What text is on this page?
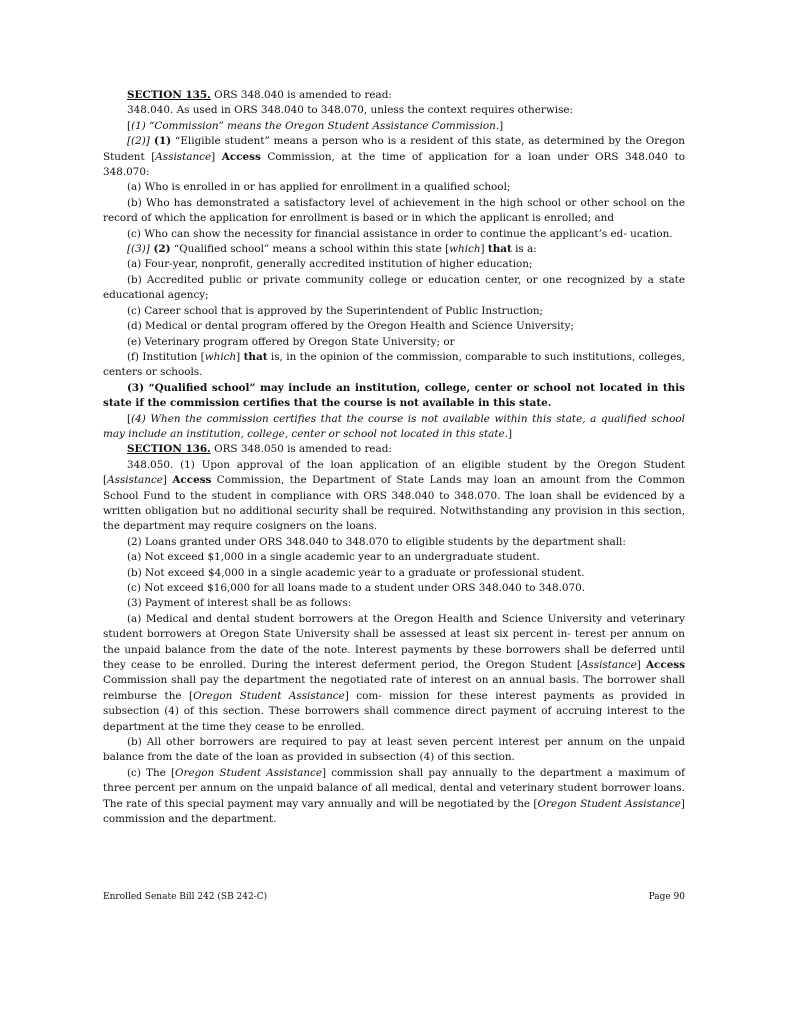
SECTION 135. ORS 348.040 is amended to read:

348.040. As used in ORS 348.040 to 348.070, unless the context requires otherwise:

[(1) “Commission” means the Oregon Student Assistance Commission.]

[(2)] (1) “Eligible student” means a person who is a resident of this state, as determined by the Oregon Student [Assistance] Access Commission, at the time of application for a loan under ORS 348.040 to 348.070:

(a) Who is enrolled in or has applied for enrollment in a qualified school;

(b) Who has demonstrated a satisfactory level of achievement in the high school or other school on the record of which the application for enrollment is based or in which the applicant is enrolled; and

(c) Who can show the necessity for financial assistance in order to continue the applicant’s ed- ucation.

[(3)] (2) “Qualified school” means a school within this state [which] that is a:

(a) Four-year, nonprofit, generally accredited institution of higher education;

(b) Accredited public or private community college or education center, or one recognized by a state educational agency;

(c) Career school that is approved by the Superintendent of Public Instruction;

(d) Medical or dental program offered by the Oregon Health and Science University;

(e) Veterinary program offered by Oregon State University; or

(f) Institution [which] that is, in the opinion of the commission, comparable to such institutions, colleges, centers or schools.

(3) “Qualified school” may include an institution, college, center or school not located in this state if the commission certifies that the course is not available in this state.

[(4) When the commission certifies that the course is not available within this state, a qualified school may include an institution, college, center or school not located in this state.]

SECTION 136. ORS 348.050 is amended to read:

348.050. (1) Upon approval of the loan application of an eligible student by the Oregon Student [Assistance] Access Commission, the Department of State Lands may loan an amount from the Common School Fund to the student in compliance with ORS 348.040 to 348.070. The loan shall be evidenced by a written obligation but no additional security shall be required. Notwithstanding any provision in this section, the department may require cosigners on the loans.

(2) Loans granted under ORS 348.040 to 348.070 to eligible students by the department shall:

(a) Not exceed $1,000 in a single academic year to an undergraduate student.

(b) Not exceed $4,000 in a single academic year to a graduate or professional student.

(c) Not exceed $16,000 for all loans made to a student under ORS 348.040 to 348.070.

(3) Payment of interest shall be as follows:

(a) Medical and dental student borrowers at the Oregon Health and Science University and veterinary student borrowers at Oregon State University shall be assessed at least six percent in- terest per annum on the unpaid balance from the date of the note. Interest payments by these borrowers shall be deferred until they cease to be enrolled. During the interest deferment period, the Oregon Student [Assistance] Access Commission shall pay the department the negotiated rate of interest on an annual basis. The borrower shall reimburse the [Oregon Student Assistance] com- mission for these interest payments as provided in subsection (4) of this section. These borrowers shall commence direct payment of accruing interest to the department at the time they cease to be enrolled.

(b) All other borrowers are required to pay at least seven percent interest per annum on the unpaid balance from the date of the loan as provided in subsection (4) of this section.

(c) The [Oregon Student Assistance] commission shall pay annually to the department a maximum of three percent per annum on the unpaid balance of all medical, dental and veterinary student borrower loans. The rate of this special payment may vary annually and will be negotiated by the [Oregon Student Assistance] commission and the department.

Enrolled Senate Bill 242 (SB 242-C)	Page 90
